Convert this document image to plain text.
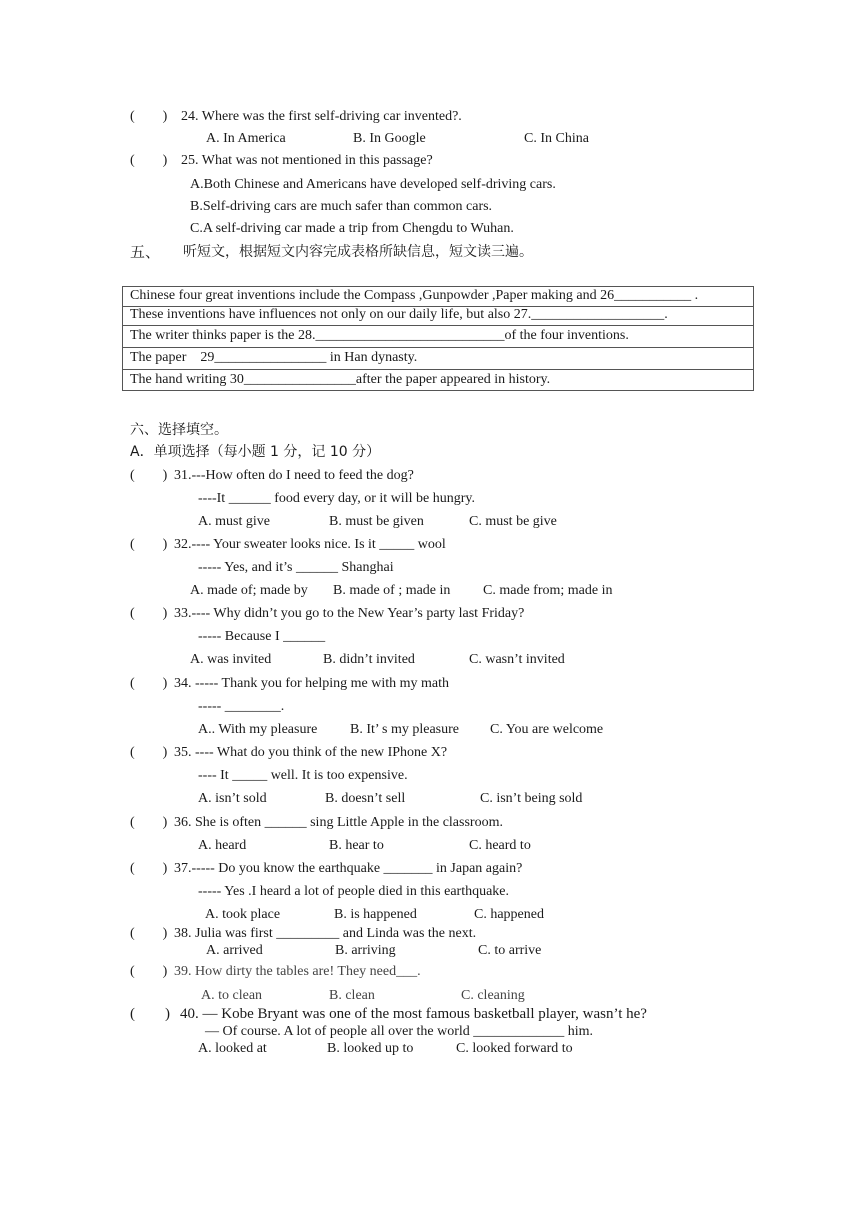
(        ) 24. Where was the first self-driving car invented?.
A. In America	B. In Google	C. In China
(        ) 25. What was not mentioned in this passage?
A.Both Chinese and Americans have developed self-driving cars.
B.Self-driving cars are much safer than common cars.
C.A self-driving car made a trip from Chengdu to Wuhan.
五、 听短文，根据短文内容完成表格所缺信息，短文读三遍。
Chinese four great inventions include the Compass ,Gunpowder ,Paper making and 26___________ .
These inventions have influences not only on our daily life, but also 27.___________________.
The writer thinks paper is the 28.___________________________of the four inventions.
The paper    29________________ in Han dynasty.
The hand writing 30________________after the paper appeared in history.
六、选择填空。
A．单项选择（每小题 1 分，记 10 分）
(        ) 31.---How often do I need to feed the dog?
----It ______ food every day, or it will be hungry.
A. must give	B. must be given	C. must be give
(        ) 32.---- Your sweater looks nice. Is it _____ wool
----- Yes, and it’s ______ Shanghai
A. made of; made by B. made of ; made in C. made from; made in
(        ) 33.---- Why didn’t you go to the New Year’s party last Friday?
----- Because I ______
A. was invited	B. didn’t invited	C. wasn’t invited
(        ) 34. ----- Thank you for helping me with my math
----- ________.
A.. With my pleasure B. It’ s my pleasure C. You are welcome
(        ) 35. ---- What do you think of the new IPhone X?
---- It _____ well. It is too expensive.
A. isn’t sold	B. doesn’t sell	C. isn’t being sold
(        ) 36. She is often ______ sing Little Apple in the classroom.
A. heard	B. hear to	C. heard to
(        ) 37.----- Do you know the earthquake _______ in Japan again?
----- Yes .I heard a lot of people died in this earthquake.
A. took place	B. is happened	C. happened
(        ) 38. Julia was first _________ and Linda was the next.
A. arrived	B. arriving	C. to arrive
(        ) 39. How dirty the tables are! They need___.
A. to clean	B. clean	C. cleaning
(        ) 40. — Kobe Bryant was one of the most famous basketball player, wasn’t he?
— Of course. A lot of people all over the world _____________ him.
A. looked at	B. looked up to	C. looked forward to
